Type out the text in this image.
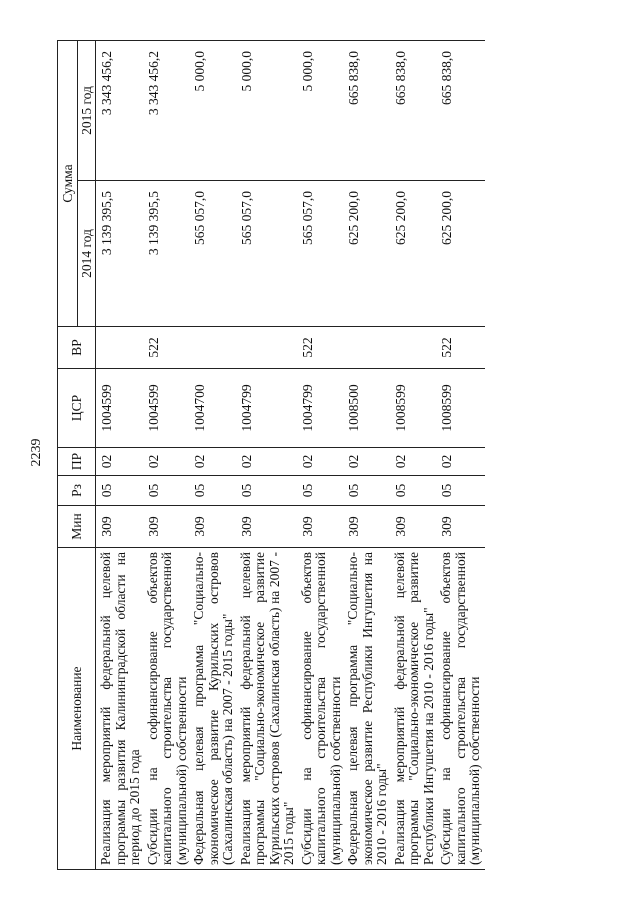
2239
Наименование	Мин	Рз	ПР	ЦСР	ВР	Сумма	
						2014 год	2015 год
Реализация мероприятий федеральной целевой программы развития Калининградской области на период до 2015 года	309	05	02	1004599		3 139 395,5	3 343 456,2
Субсидии на софинансирование объектов капитального строительства государственной (муниципальной) собственности	309	05	02	1004599	522	3 139 395,5	3 343 456,2
Федеральная целевая программа "Социально-экономическое развитие Курильских островов (Сахалинская область) на 2007 - 2015 годы"	309	05	02	1004700		565 057,0	5 000,0
Реализация мероприятий федеральной целевой программы "Социально-экономическое развитие Курильских островов (Сахалинская область) на 2007 - 2015 годы"	309	05	02	1004799		565 057,0	5 000,0
Субсидии на софинансирование объектов капитального строительства государственной (муниципальной) собственности	309	05	02	1004799	522	565 057,0	5 000,0
Федеральная целевая программа "Социально-экономическое развитие Республики Ингушетия на 2010 - 2016 годы"	309	05	02	1008500		625 200,0	665 838,0
Реализация мероприятий федеральной целевой программы "Социально-экономическое развитие Республики Ингушетия на 2010 - 2016 годы"	309	05	02	1008599		625 200,0	665 838,0
Субсидии на софинансирование объектов капитального строительства государственной (муниципальной) собственности	309	05	02	1008599	522	625 200,0	665 838,0
